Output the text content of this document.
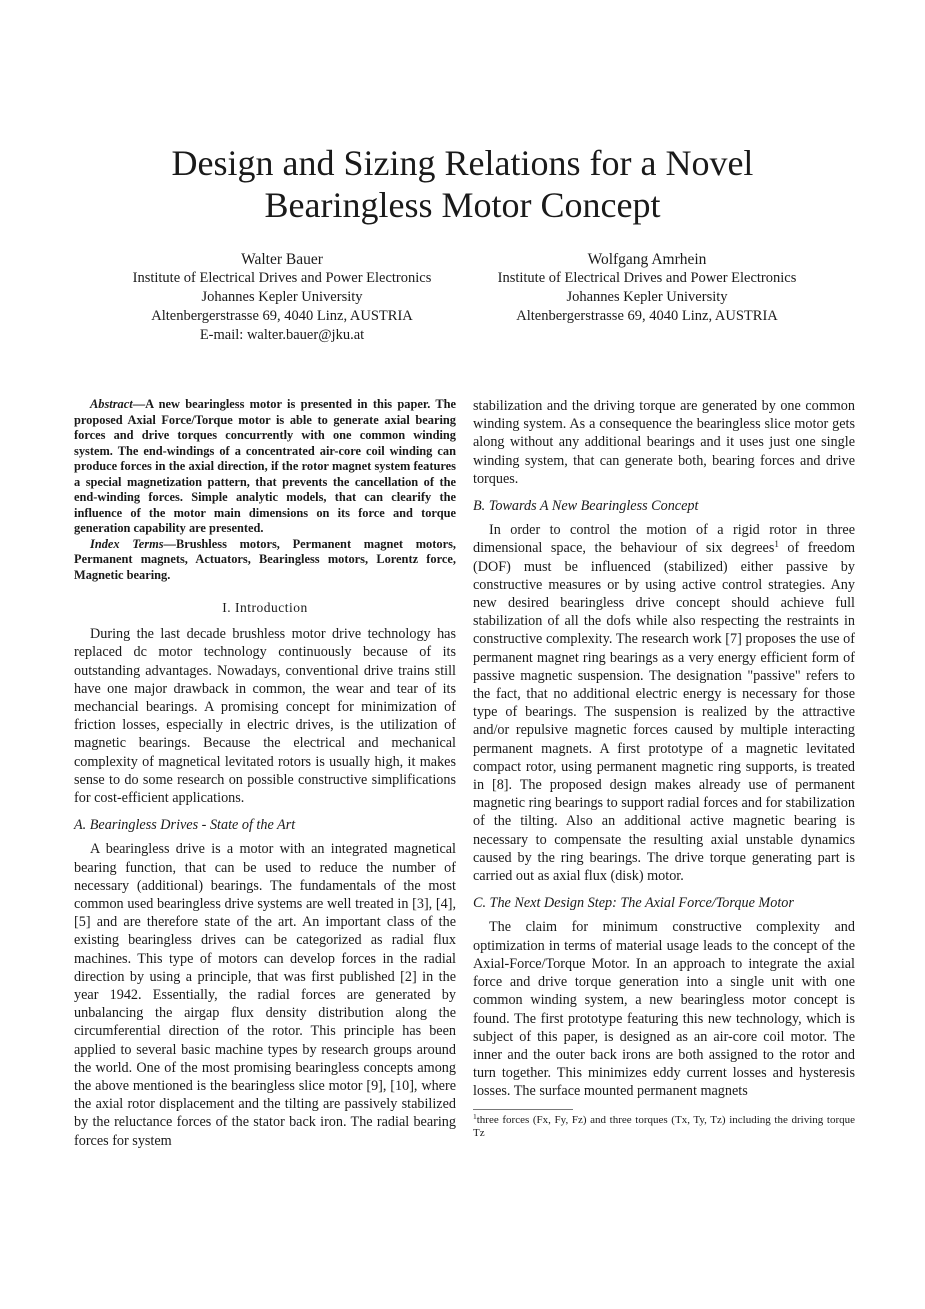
Design and Sizing Relations for a Novel
Bearingless Motor Concept
Walter Bauer
Institute of Electrical Drives and Power Electronics
Johannes Kepler University
Altenbergerstrasse 69, 4040 Linz, AUSTRIA
E-mail: walter.bauer@jku.at
Wolfgang Amrhein
Institute of Electrical Drives and Power Electronics
Johannes Kepler University
Altenbergerstrasse 69, 4040 Linz, AUSTRIA

Abstract—A new bearingless motor is presented in this paper. The proposed Axial Force/Torque motor is able to generate axial bearing forces and drive torques concurrently with one common winding system. The end-windings of a concentrated air-core coil winding can produce forces in the axial direction, if the rotor magnet system features a special magnetization pattern, that prevents the cancellation of the end-winding forces. Simple analytic models, that can clearify the influence of the motor main dimensions on its force and torque generation capability are presented.

Index Terms—Brushless motors, Permanent magnet motors, Permanent magnets, Actuators, Bearingless motors, Lorentz force, Magnetic bearing.

I. Introduction

During the last decade brushless motor drive technology has replaced dc motor technology continuously because of its outstanding advantages. Nowadays, conventional drive trains still have one major drawback in common, the wear and tear of its mechancial bearings. A promising concept for minimization of friction losses, especially in electric drives, is the utilization of magnetic bearings. Because the electrical and mechanical complexity of magnetical levitated rotors is usually high, it makes sense to do some research on possible constructive simplifications for cost-efficient applications.

A. Bearingless Drives - State of the Art

A bearingless drive is a motor with an integrated magnetical bearing function, that can be used to reduce the number of necessary (additional) bearings. The fundamentals of the most common used bearingless drive systems are well treated in [3], [4], [5] and are therefore state of the art. An important class of the existing bearingless drives can be categorized as radial flux machines. This type of motors can develop forces in the radial direction by using a principle, that was first published [2] in the year 1942. Essentially, the radial forces are generated by unbalancing the airgap flux density distribution along the circumferential direction of the rotor. This principle has been applied to several basic machine types by research groups around the world. One of the most promising bearingless concepts among the above mentioned is the bearingless slice motor [9], [10], where the axial rotor displacement and the tilting are passively stabilized by the reluctance forces of the stator back iron. The radial bearing forces for system

stabilization and the driving torque are generated by one common winding system. As a consequence the bearingless slice motor gets along without any additional bearings and it uses just one single winding system, that can generate both, bearing forces and drive torques.

B. Towards A New Bearingless Concept

In order to control the motion of a rigid rotor in three dimensional space, the behaviour of six degrees$^1$ of freedom (DOF) must be influenced (stabilized) either passive by constructive measures or by using active control strategies. Any new desired bearingless drive concept should achieve full stabilization of all the dofs while also respecting the restraints in constructive complexity. The research work [7] proposes the use of permanent magnet ring bearings as a very energy efficient form of passive magnetic suspension. The designation "passive" refers to the fact, that no additional electric energy is necessary for those type of bearings. The suspension is realized by the attractive and/or repulsive magnetic forces caused by multiple interacting permanent magnets. A first prototype of a magnetic levitated compact rotor, using permanent magnetic ring supports, is treated in [8]. The proposed design makes already use of permanent magnetic ring bearings to support radial forces and for stabilization of the tilting. Also an additional active magnetic bearing is necessary to compensate the resulting axial unstable dynamics caused by the ring bearings. The drive torque generating part is carried out as axial flux (disk) motor.

C. The Next Design Step: The Axial Force/Torque Motor

The claim for minimum constructive complexity and optimization in terms of material usage leads to the concept of the Axial-Force/Torque Motor. In an approach to integrate the axial force and drive torque generation into a single unit with one common winding system, a new bearingless motor concept is found. The first prototype featuring this new technology, which is subject of this paper, is designed as an air-core coil motor. The inner and the outer back irons are both assigned to the rotor and turn together. This minimizes eddy current losses and hysteresis losses. The surface mounted permanent magnets

$^1$three forces (Fx, Fy, Fz) and three torques (Tx, Ty, Tz) including the driving torque Tz
